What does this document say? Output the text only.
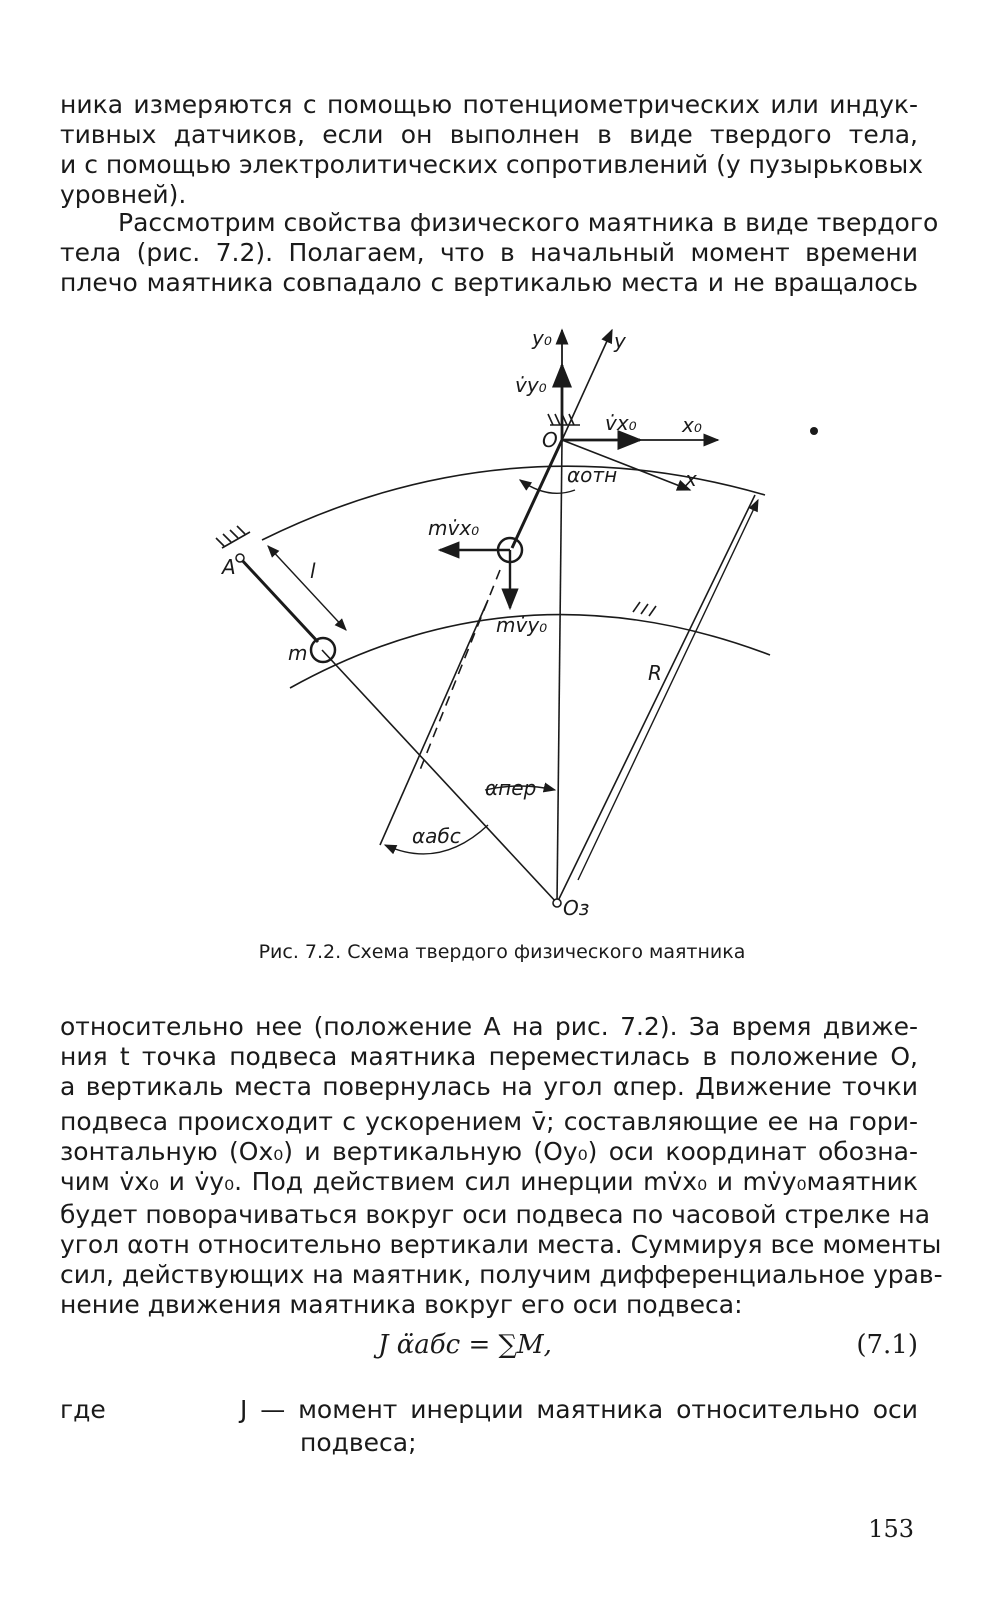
ника измеряются с помощью потенциометрических или индук-
тивных датчиков, если он выполнен в виде твердого тела,
и с помощью электролитических сопротивлений (у пузырьковых
уровней).
Рассмотрим свойства физического маятника в виде твердого
тела (рис. 7.2). Полагаем, что в начальный момент времени
плечо маятника совпадало с вертикалью места и не вращалось
y₀	y
v̇y₀
v̇x₀ x₀
O
x
αотн
mv̇x₀
mv̇y₀
A	l
m
R
αпер
αабс
Oз
Рис. 7.2. Схема твердого физического маятника
относительно нее (положение A на рис. 7.2). За время движе-
ния t точка подвеса маятника переместилась в положение O,
а вертикаль места повернулась на угол αпер. Движение точки
подвеса происходит с ускорением v̄; составляющие ее на гори-
зонтальную (Ox₀) и вертикальную (Oy₀) оси координат обозна-
чим v̇x₀ и v̇y₀. Под действием сил инерции mv̇x₀ и mv̇y₀маятник
будет поворачиваться вокруг оси подвеса по часовой стрелке на
угол αотн относительно вертикали места. Суммируя все моменты
сил, действующих на маятник, получим дифференциальное урав-
нение движения маятника вокруг его оси подвеса:
J α̈абс = ∑M,	(7.1)
где	J — момент инерции маятника относительно оси
подвеса;
153
